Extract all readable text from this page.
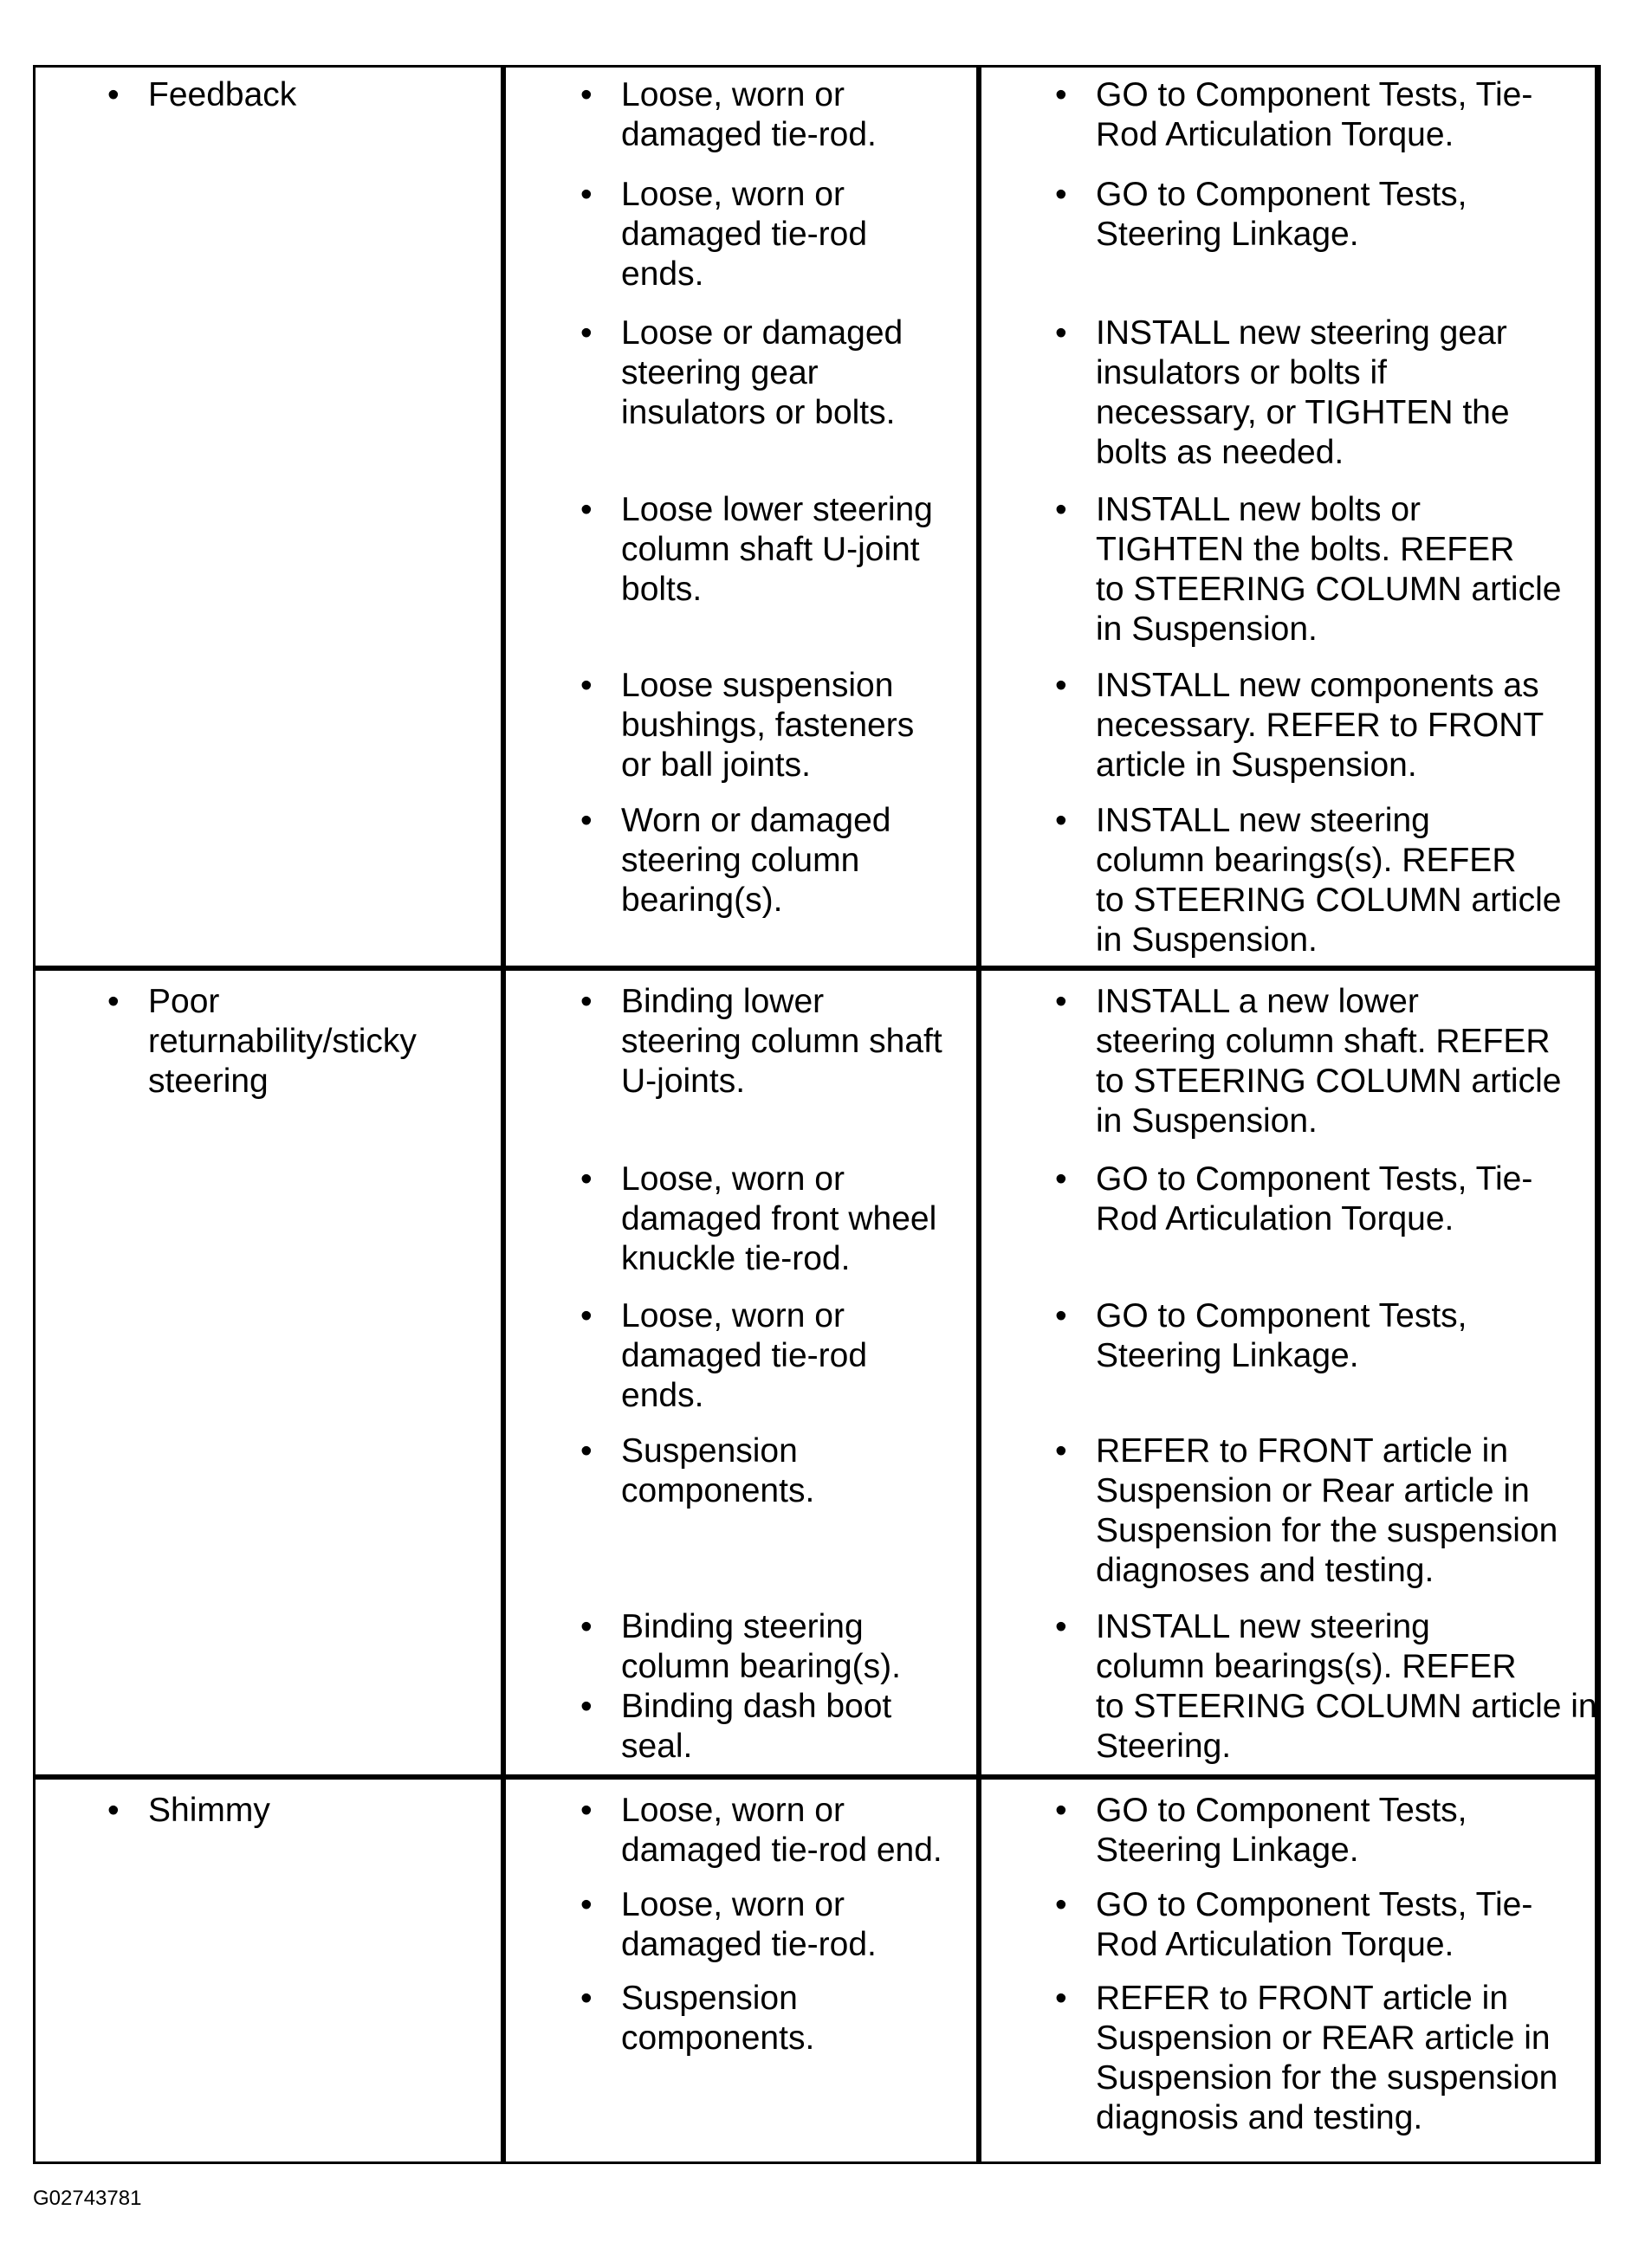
• Feedback	• Loose, worn or
damaged tie-rod.
• Loose, worn or
damaged tie-rod
ends.
• Loose or damaged
steering gear
insulators or bolts.
• Loose lower steering
column shaft U-joint
bolts.
• Loose suspension
bushings, fasteners
or ball joints.
• Worn or damaged
steering column
bearing(s).
• GO to Component Tests, Tie-
Rod Articulation Torque.
• GO to Component Tests,
Steering Linkage.
• INSTALL new steering gear
insulators or bolts if
necessary, or TIGHTEN the
bolts as needed.
• INSTALL new bolts or
TIGHTEN the bolts. REFER
to STEERING COLUMN article
in Suspension.
• INSTALL new components as
necessary. REFER to FRONT
article in Suspension.
• INSTALL new steering
column bearings(s). REFER
to STEERING COLUMN article
in Suspension.
• Poor
returnability/sticky
steering
• Binding lower
steering column shaft
U-joints.
• Loose, worn or
damaged front wheel
knuckle tie-rod.
• Loose, worn or
damaged tie-rod
ends.
• Suspension
components.
• Binding steering
column bearing(s).
• Binding dash boot
seal.
• INSTALL a new lower
steering column shaft. REFER
to STEERING COLUMN article
in Suspension.
• GO to Component Tests, Tie-
Rod Articulation Torque.
• GO to Component Tests,
Steering Linkage.
• REFER to FRONT article in
Suspension or Rear article in
Suspension for the suspension
diagnoses and testing.
• INSTALL new steering
column bearings(s). REFER
to STEERING COLUMN article in
Steering.
• Shimmy	• Loose, worn or
damaged tie-rod end.
• Loose, worn or
damaged tie-rod.
• Suspension
components.
• GO to Component Tests,
Steering Linkage.
• GO to Component Tests, Tie-
Rod Articulation Torque.
• REFER to FRONT article in
Suspension or REAR article in
Suspension for the suspension
diagnosis and testing.
G02743781
